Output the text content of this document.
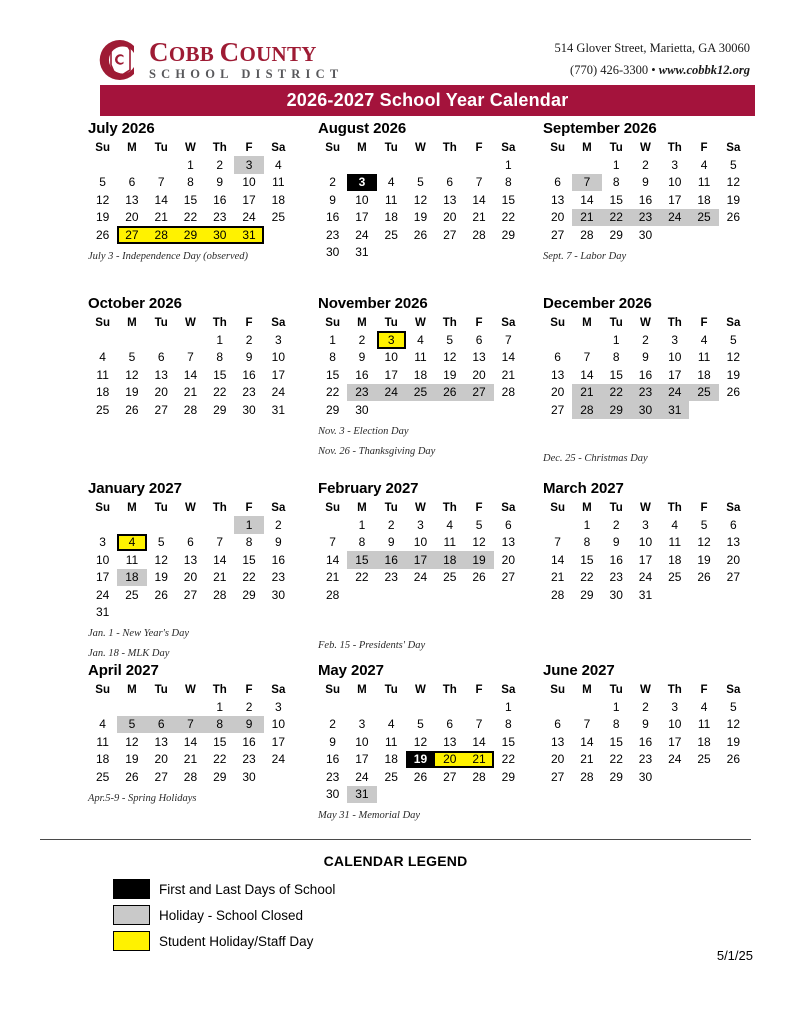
COBB COUNTY
SCHOOL DISTRICT
514 Glover Street, Marietta, GA 30060
(770) 426-3300 • www.cobbk12.org
2026-2027 School Year Calendar
July 2026
Su	M	Tu	W	Th	F	Sa
			1	2	3	4
5	6	7	8	9	10	11
12	13	14	15	16	17	18
19	20	21	22	23	24	25
26	27	28	29	30	31	
July 3 - Independence Day (observed)
August 2026
Su	M	Tu	W	Th	F	Sa
						1
2	3	4	5	6	7	8
9	10	11	12	13	14	15
16	17	18	19	20	21	22
23	24	25	26	27	28	29
30	31					
September 2026
Su	M	Tu	W	Th	F	Sa
		1	2	3	4	5
6	7	8	9	10	11	12
13	14	15	16	17	18	19
20	21	22	23	24	25	26
27	28	29	30			
Sept. 7 - Labor Day
October 2026
Su	M	Tu	W	Th	F	Sa
				1	2	3
4	5	6	7	8	9	10
11	12	13	14	15	16	17
18	19	20	21	22	23	24
25	26	27	28	29	30	31
November 2026
Su	M	Tu	W	Th	F	Sa
1	2	3	4	5	6	7
8	9	10	11	12	13	14
15	16	17	18	19	20	21
22	23	24	25	26	27	28
29	30					
Nov. 3 - Election Day
Nov. 26 - Thanksgiving Day
December 2026
Su	M	Tu	W	Th	F	Sa
		1	2	3	4	5
6	7	8	9	10	11	12
13	14	15	16	17	18	19
20	21	22	23	24	25	26
27	28	29	30	31		
Dec. 25 - Christmas Day
January 2027
Su	M	Tu	W	Th	F	Sa
					1	2
3	4	5	6	7	8	9
10	11	12	13	14	15	16
17	18	19	20	21	22	23
24	25	26	27	28	29	30
31						
Jan. 1 - New Year's Day
Jan. 18 - MLK Day
February 2027
Su	M	Tu	W	Th	F	Sa
	1	2	3	4	5	6
7	8	9	10	11	12	13
14	15	16	17	18	19	20
21	22	23	24	25	26	27
28						
Feb. 15 - Presidents' Day
March 2027
Su	M	Tu	W	Th	F	Sa
	1	2	3	4	5	6
7	8	9	10	11	12	13
14	15	16	17	18	19	20
21	22	23	24	25	26	27
28	29	30	31			
April 2027
Su	M	Tu	W	Th	F	Sa
				1	2	3
4	5	6	7	8	9	10
11	12	13	14	15	16	17
18	19	20	21	22	23	24
25	26	27	28	29	30	
Apr.5-9 - Spring Holidays
May 2027
Su	M	Tu	W	Th	F	Sa
						1
2	3	4	5	6	7	8
9	10	11	12	13	14	15
16	17	18	19	20	21	22
23	24	25	26	27	28	29
30	31					
May 31 - Memorial Day
June 2027
Su	M	Tu	W	Th	F	Sa
		1	2	3	4	5
6	7	8	9	10	11	12
13	14	15	16	17	18	19
20	21	22	23	24	25	26
27	28	29	30			
CALENDAR LEGEND
First and Last Days of School
Holiday - School Closed
Student Holiday/Staff Day
5/1/25
